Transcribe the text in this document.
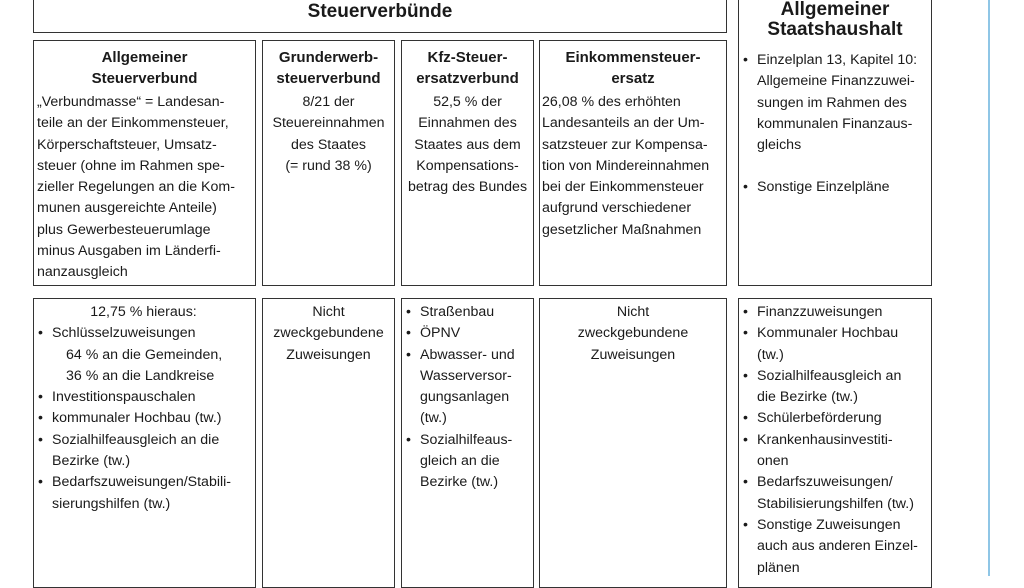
Steuerverbünde	Allgemeiner
Staatshaushalt
• Einzelplan 13, Kapitel 10:
Allgemeine Finanzzuwei-
sungen im Rahmen des
kommunalen Finanzaus-
gleichs
• Sonstige Einzelpläne
Allgemeiner
Steuerverbund
„Verbundmasse“ = Landesan-
teile an der Einkommensteuer,
Körperschaftsteuer, Umsatz-
steuer (ohne im Rahmen spe-
zieller Regelungen an die Kom-
munen ausgereichte Anteile)
plus Gewerbesteuerumlage
minus Ausgaben im Länderfi-
nanzausgleich
Grunderwerb-
steuerverbund
8/21 der
Steuereinnahmen
des Staates
(= rund 38 %)
Kfz-Steuer-
ersatzverbund
52,5 % der
Einnahmen des
Staates aus dem
Kompensations-
betrag des Bundes
Einkommensteuer-
ersatz
26,08 % des erhöhten
Landesanteils an der Um-
satzsteuer zur Kompensa-
tion von Mindereinnahmen
bei der Einkommensteuer
aufgrund verschiedener
gesetzlicher Maßnahmen
12,75 % hieraus:
• Schlüsselzuweisungen
64 % an die Gemeinden,
36 % an die Landkreise
• Investitionspauschalen
• kommunaler Hochbau (tw.)
• Sozialhilfeausgleich an die
Bezirke (tw.)
• Bedarfszuweisungen/Stabili-
sierungshilfen (tw.)
Nicht
zweckgebundene
Zuweisungen
• Straßenbau
• ÖPNV
• Abwasser- und
Wasserversor-
gungsanlagen
(tw.)
• Sozialhilfeaus-
gleich an die
Bezirke (tw.)
Nicht
zweckgebundene
Zuweisungen
• Finanzzuweisungen
• Kommunaler Hochbau
(tw.)
• Sozialhilfeausgleich an
die Bezirke (tw.)
• Schülerbeförderung
• Krankenhausinvestiti-
onen
• Bedarfszuweisungen/
Stabilisierungshilfen (tw.)
• Sonstige Zuweisungen
auch aus anderen Einzel-
plänen
